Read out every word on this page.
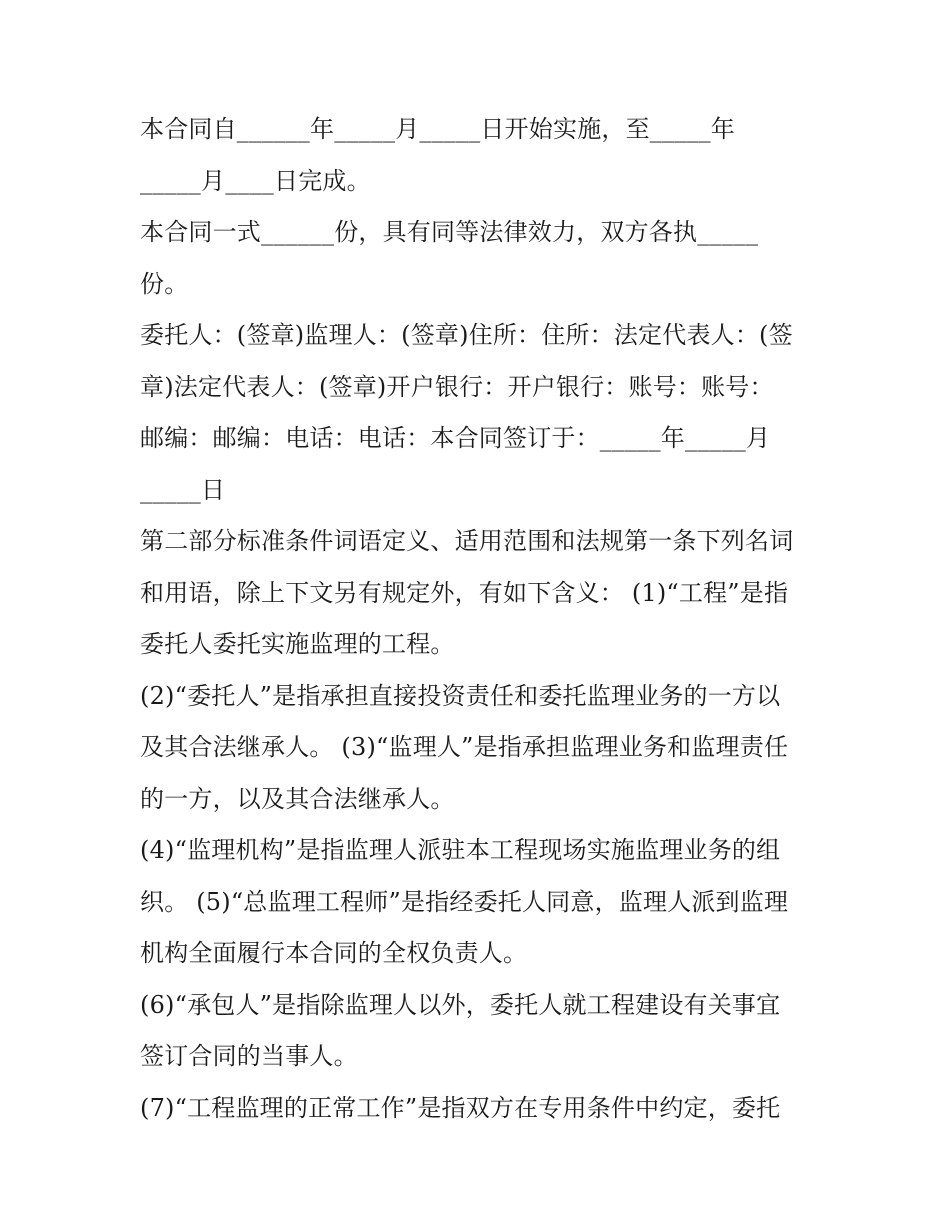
本合同自______年_____月_____日开始实施，至_____年
_____月____日完成。
本合同一式______份，具有同等法律效力，双方各执_____
份。
委托人：(签章)监理人：(签章)住所：住所：法定代表人：(签
章)法定代表人：(签章)开户银行：开户银行：账号：账号：
邮编：邮编：电话：电话：本合同签订于：_____年_____月
_____日
第二部分标准条件词语定义、适用范围和法规第一条下列名词
和用语，除上下文另有规定外，有如下含义： (1)“工程”是指
委托人委托实施监理的工程。
(2)“委托人”是指承担直接投资责任和委托监理业务的一方以
及其合法继承人。 (3)“监理人”是指承担监理业务和监理责任
的一方，以及其合法继承人。
(4)“监理机构”是指监理人派驻本工程现场实施监理业务的组
织。 (5)“总监理工程师”是指经委托人同意，监理人派到监理
机构全面履行本合同的全权负责人。
(6)“承包人”是指除监理人以外，委托人就工程建设有关事宜
签订合同的当事人。
(7)“工程监理的正常工作”是指双方在专用条件中约定，委托
